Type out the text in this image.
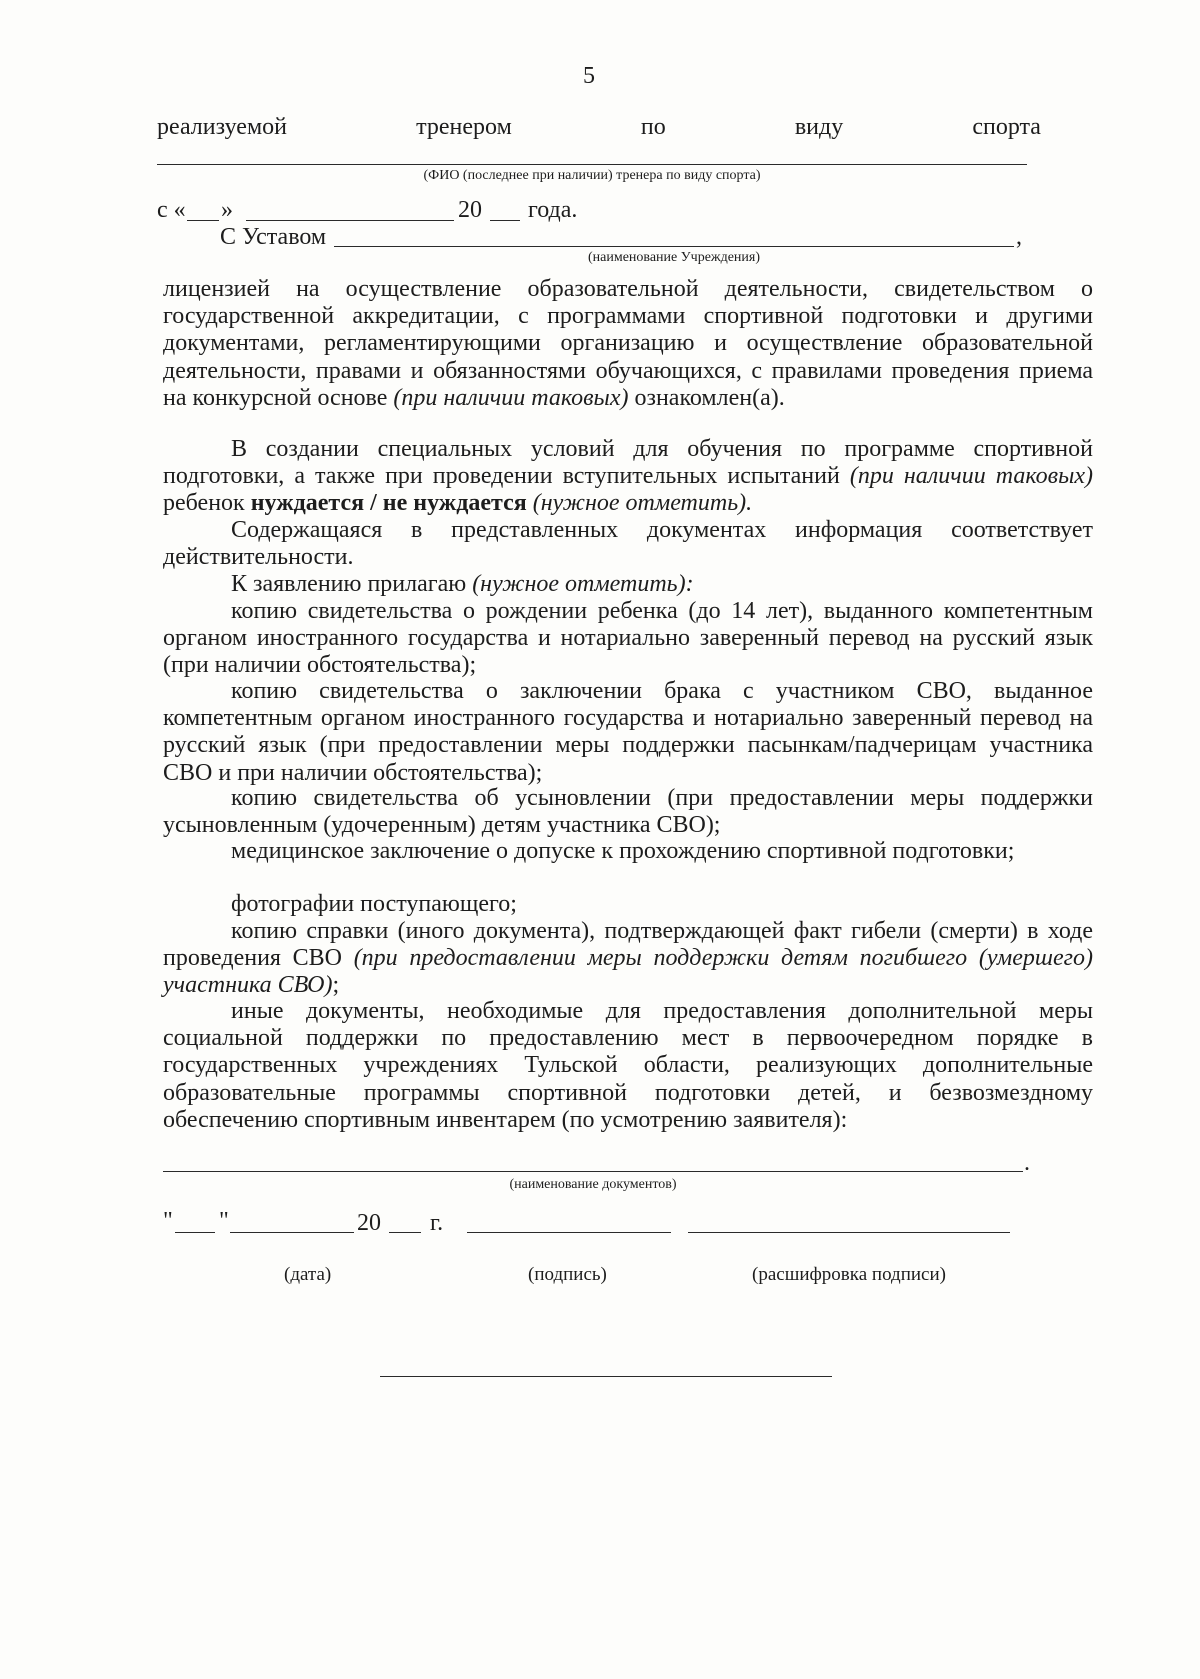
5
реализуемой	тренером	по	виду	спорта
(ФИО (последнее при наличии) тренера по виду спорта)
с « »	20 года.
С Уставом	,
(наименование Учреждения)
лицензией на осуществление образовательной деятельности, свидетельством о государственной аккредитации, с программами спортивной подготовки и другими документами, регламентирующими организацию и осуществление образовательной деятельности, правами и обязанностями обучающихся, с правилами проведения приема на конкурсной основе (при наличии таковых) ознакомлен(а).
В создании специальных условий для обучения по программе спортивной подготовки, а также при проведении вступительных испытаний (при наличии таковых) ребенок нуждается / не нуждается (нужное отметить).
Содержащаяся в представленных документах информация соответствует действительности.
К заявлению прилагаю (нужное отметить):
копию свидетельства о рождении ребенка (до 14 лет), выданного компетентным органом иностранного государства и нотариально заверенный перевод на русский язык (при наличии обстоятельства);
копию свидетельства о заключении брака с участником СВО, выданное компетентным органом иностранного государства и нотариально заверенный перевод на русский язык (при предоставлении меры поддержки пасынкам/падчерицам участника СВО и при наличии обстоятельства);
копию свидетельства об усыновлении (при предоставлении меры поддержки усыновленным (удочеренным) детям участника СВО);
медицинское заключение о допуске к прохождению спортивной подготовки;
фотографии поступающего;
копию справки (иного документа), подтверждающей факт гибели (смерти) в ходе проведения СВО (при предоставлении меры поддержки детям погибшего (умершего) участника СВО);
иные документы, необходимые для предоставления дополнительной меры социальной поддержки по предоставлению мест в первоочередном порядке в государственных учреждениях Тульской области, реализующих дополнительные образовательные программы спортивной подготовки детей, и безвозмездному обеспечению спортивным инвентарем (по усмотрению заявителя):
.
(наименование документов)
" "	20 г.
(дата)	(подпись)	(расшифровка подписи)
